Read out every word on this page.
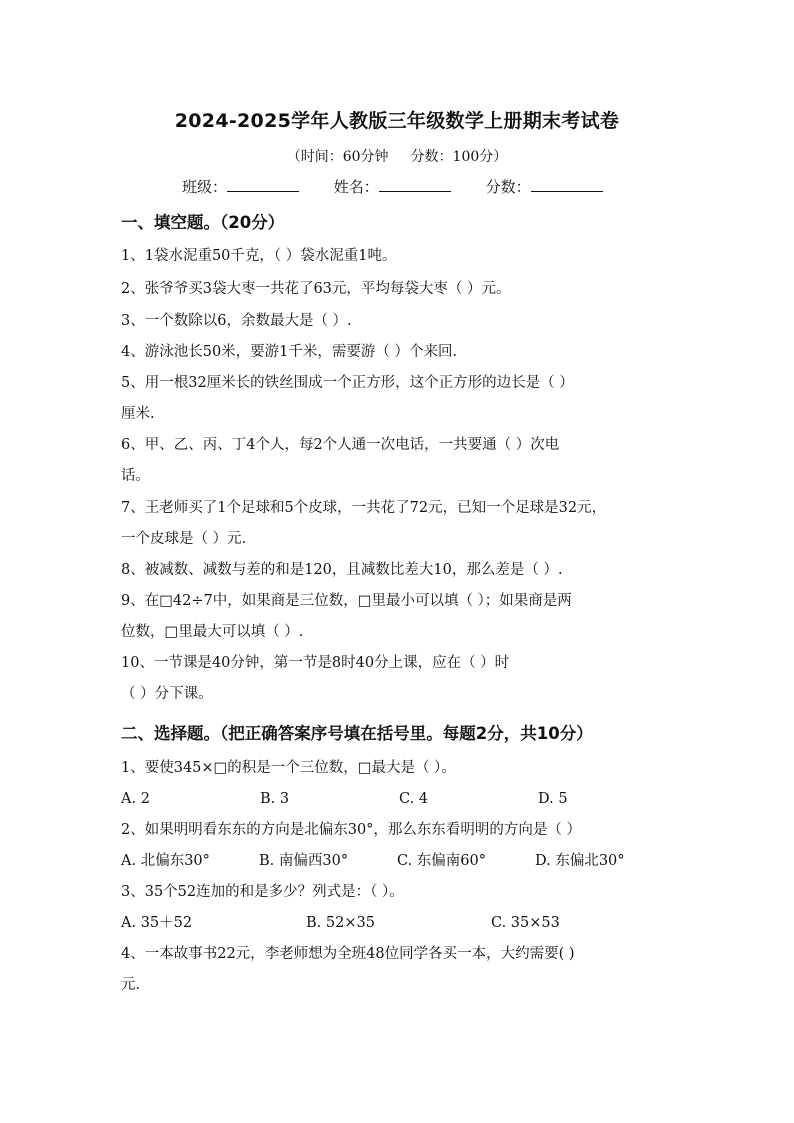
2024-2025学年人教版三年级数学上册期末考试卷
（时间：60分钟 分数：100分）
班级：	姓名：	分数：
一、填空题。（20分）
1、1袋水泥重50千克，（ ）袋水泥重1吨。
2、张爷爷买3袋大枣一共花了63元，平均每袋大枣（ ）元。
3、一个数除以6，余数最大是（ ）.
4、游泳池长50米，要游1千米，需要游（ ）个来回.
5、用一根32厘米长的铁丝围成一个正方形，这个正方形的边长是（ ）
厘米.
6、甲、乙、丙、丁4个人，每2个人通一次电话，一共要通（ ）次电
话。
7、王老师买了1个足球和5个皮球，一共花了72元，已知一个足球是32元，
一个皮球是（ ）元.
8、被减数、减数与差的和是120，且减数比差大10，那么差是（ ）.
9、在□42÷7中，如果商是三位数，□里最小可以填（ ）；如果商是两
位数，□里最大可以填（ ）.
10、一节课是40分钟，第一节是8时40分上课，应在（ ）时
（ ）分下课。
二、选择题。（把正确答案序号填在括号里。每题2分，共10分）
1、要使345×□的积是一个三位数，□最大是（ ）。
A. 2	B. 3	C. 4	D. 5
2、如果明明看东东的方向是北偏东30°，那么东东看明明的方向是（ ）
A. 北偏东30°	B. 南偏西30°	C. 东偏南60°	D. 东偏北30°
3、35个52连加的和是多少？列式是：（ ）。
A. 35＋52	B. 52×35	C. 35×53
4、一本故事书22元，李老师想为全班48位同学各买一本，大约需要( )
元.
